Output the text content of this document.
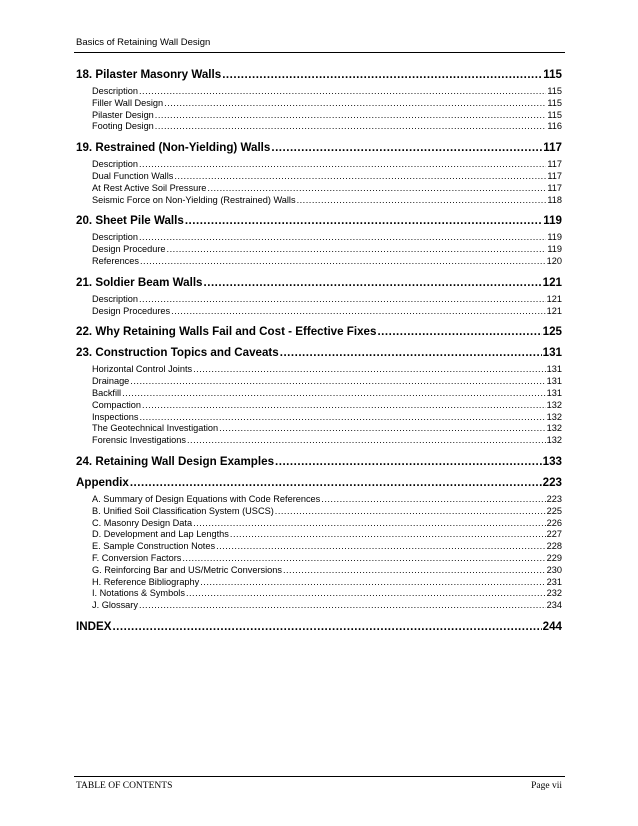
Basics of Retaining Wall Design
18. Pilaster Masonry Walls .....	115
Description .....	115
Filler Wall Design .....	115
Pilaster Design .....	115
Footing Design .....	116
19. Restrained (Non-Yielding) Walls .....	117
Description .....	117
Dual Function Walls .....	117
At Rest Active Soil Pressure .....	117
Seismic Force on Non-Yielding (Restrained) Walls .....	118
20. Sheet Pile Walls .....	119
Description .....	119
Design Procedure .....	119
References .....	120
21. Soldier Beam Walls .....	121
Description .....	121
Design Procedures .....	121
22. Why Retaining Walls Fail and Cost - Effective Fixes .....	125
23. Construction Topics and Caveats .....	131
Horizontal Control Joints .....	131
Drainage .....	131
Backfill .....	131
Compaction .....	132
Inspections .....	132
The Geotechnical Investigation .....	132
Forensic Investigations .....	132
24. Retaining Wall Design Examples .....	133
Appendix .....	223
A. Summary of Design Equations with Code References .....	223
B. Unified Soil Classification System (USCS) .....	225
C. Masonry Design Data .....	226
D. Development and Lap Lengths .....	227
E. Sample Construction Notes .....	228
F. Conversion Factors .....	229
G. Reinforcing Bar and US/Metric Conversions .....	230
H. Reference Bibliography .....	231
I. Notations & Symbols .....	232
J. Glossary .....	234
INDEX .....	244
TABLE OF CONTENTS	Page vii
